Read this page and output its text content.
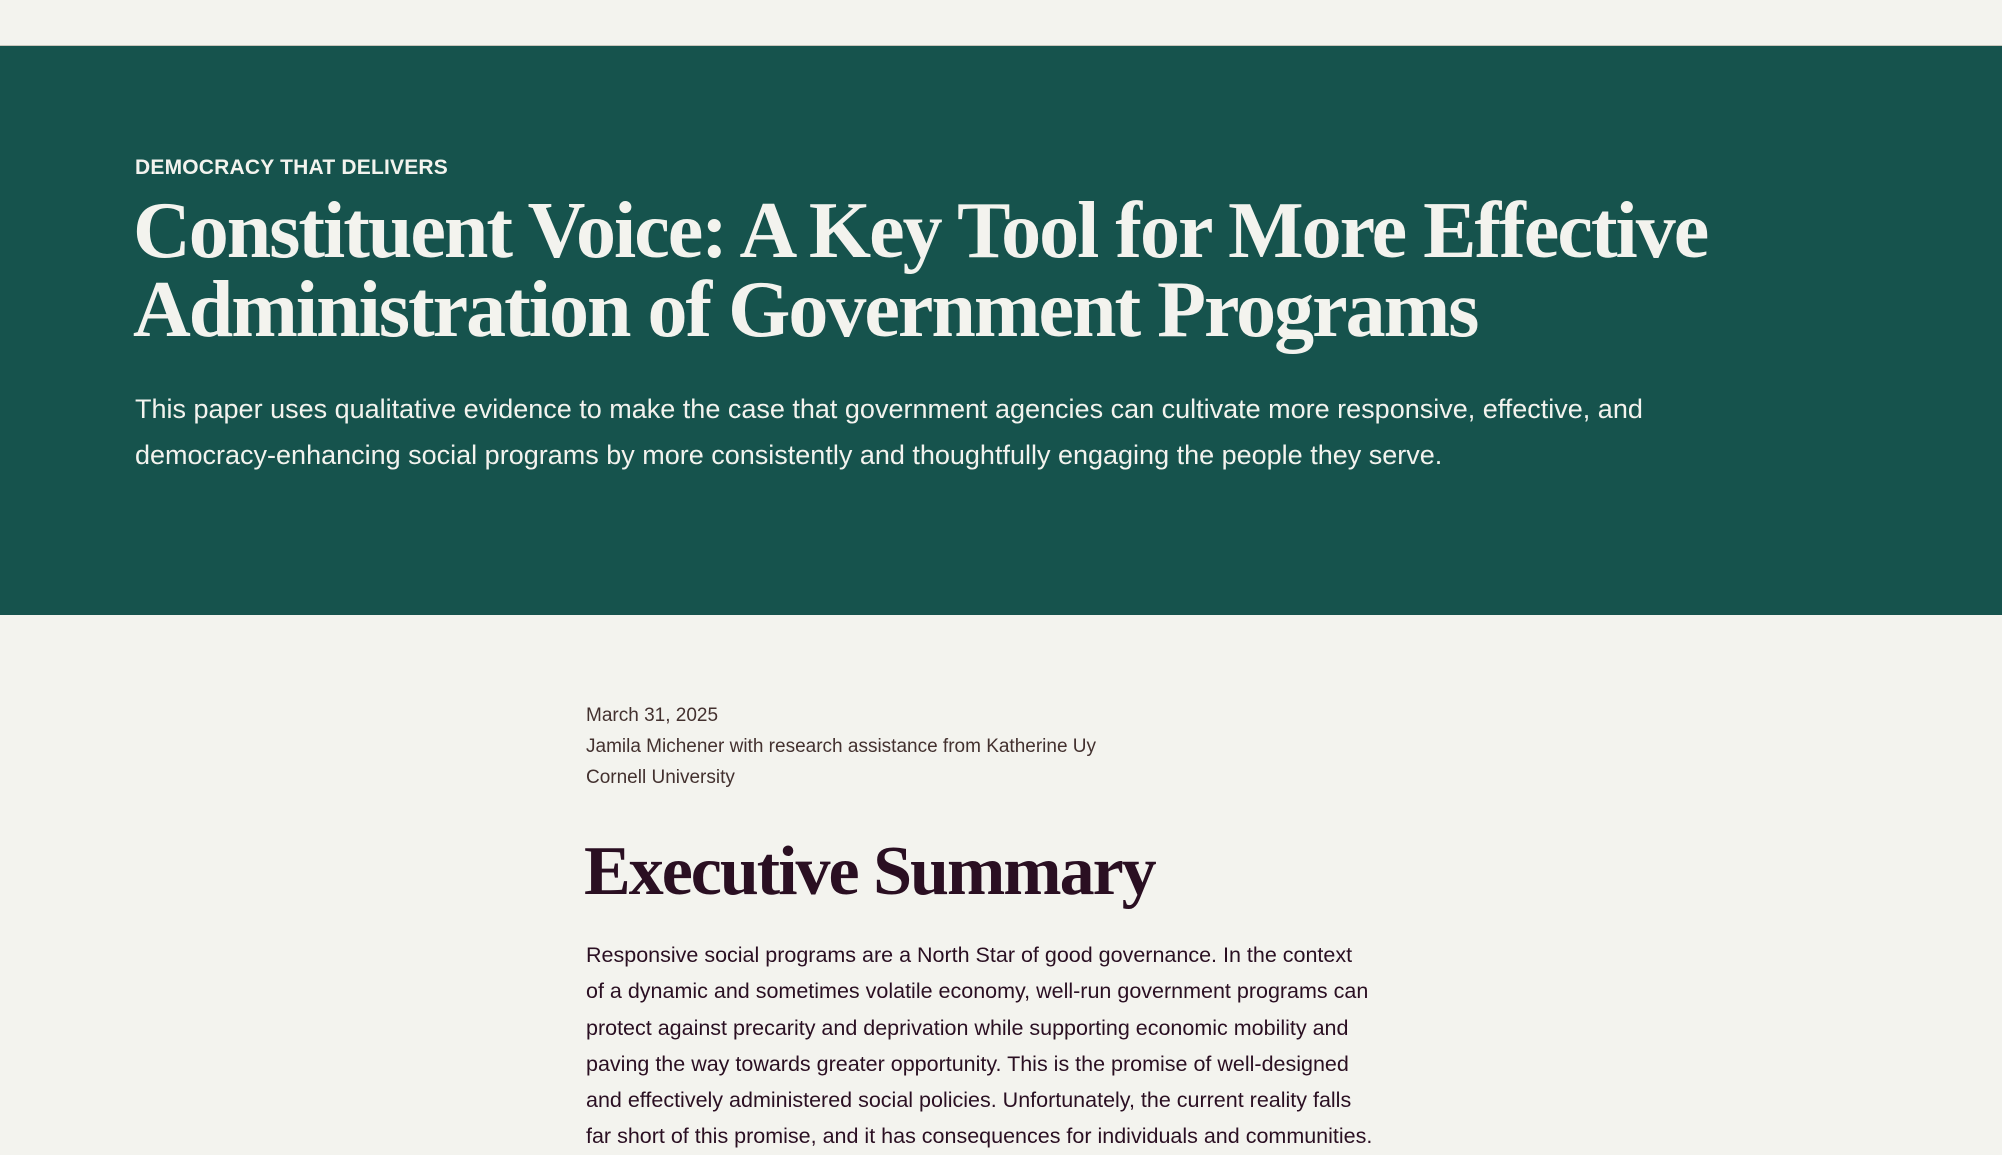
DEMOCRACY THAT DELIVERS
Constituent Voice: A Key Tool for More Effective
Administration of Government Programs
This paper uses qualitative evidence to make the case that government agencies can cultivate more responsive, effective, and
democracy-enhancing social programs by more consistently and thoughtfully engaging the people they serve.
March 31, 2025
Jamila Michener with research assistance from Katherine Uy
Cornell University
Executive Summary
Responsive social programs are a North Star of good governance. In the context
of a dynamic and sometimes volatile economy, well-run government programs can
protect against precarity and deprivation while supporting economic mobility and
paving the way towards greater opportunity. This is the promise of well-designed
and effectively administered social policies. Unfortunately, the current reality falls
far short of this promise, and it has consequences for individuals and communities.
